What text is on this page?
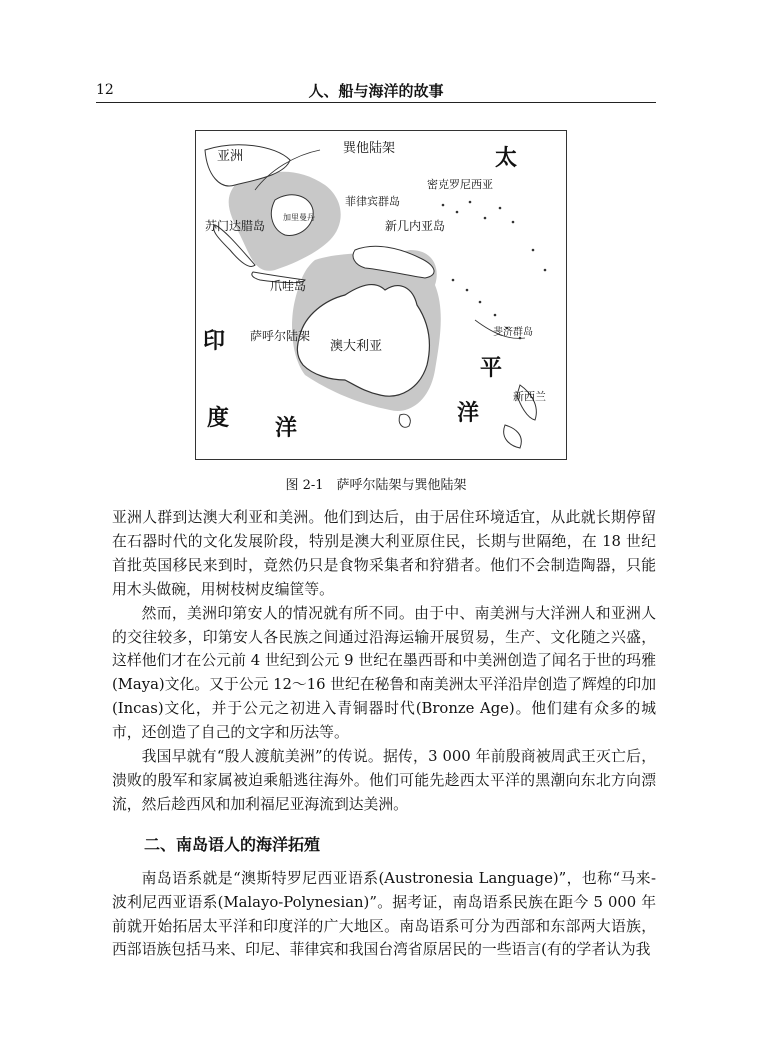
12	人、船与海洋的故事
亚洲
巽他陆架	太
密克罗尼西亚
菲律宾群岛
苏门达腊岛
加里曼丹
新几内亚岛
爪哇岛
印 萨呼尔陆架
澳大利亚
斐济群岛
平
度 洋
洋
新西兰
图 2-1　萨呼尔陆架与巽他陆架

亚洲人群到达澳大利亚和美洲。他们到达后，由于居住环境适宜，从此就长期停留在石器时代的文化发展阶段，特别是澳大利亚原住民，长期与世隔绝，在 18 世纪首批英国移民来到时，竟然仍只是食物采集者和狩猎者。他们不会制造陶器，只能用木头做碗，用树枝树皮编筐等。

然而，美洲印第安人的情况就有所不同。由于中、南美洲与大洋洲人和亚洲人的交往较多，印第安人各民族之间通过沿海运输开展贸易，生产、文化随之兴盛，这样他们才在公元前 4 世纪到公元 9 世纪在墨西哥和中美洲创造了闻名于世的玛雅(Maya)文化。又于公元 12～16 世纪在秘鲁和南美洲太平洋沿岸创造了辉煌的印加(Incas)文化，并于公元之初进入青铜器时代(Bronze Age)。他们建有众多的城市，还创造了自己的文字和历法等。

我国早就有“殷人渡航美洲”的传说。据传，3 000 年前殷商被周武王灭亡后，溃败的殷军和家属被迫乘船逃往海外。他们可能先趁西太平洋的黑潮向东北方向漂流，然后趁西风和加利福尼亚海流到达美洲。

二、南岛语人的海洋拓殖

南岛语系就是“澳斯特罗尼西亚语系(Austronesia Language)”，也称“马来-波利尼西亚语系(Malayo-Polynesian)”。据考证，南岛语系民族在距今 5 000 年前就开始拓居太平洋和印度洋的广大地区。南岛语系可分为西部和东部两大语族，西部语族包括马来、印尼、菲律宾和我国台湾省原居民的一些语言(有的学者认为我
